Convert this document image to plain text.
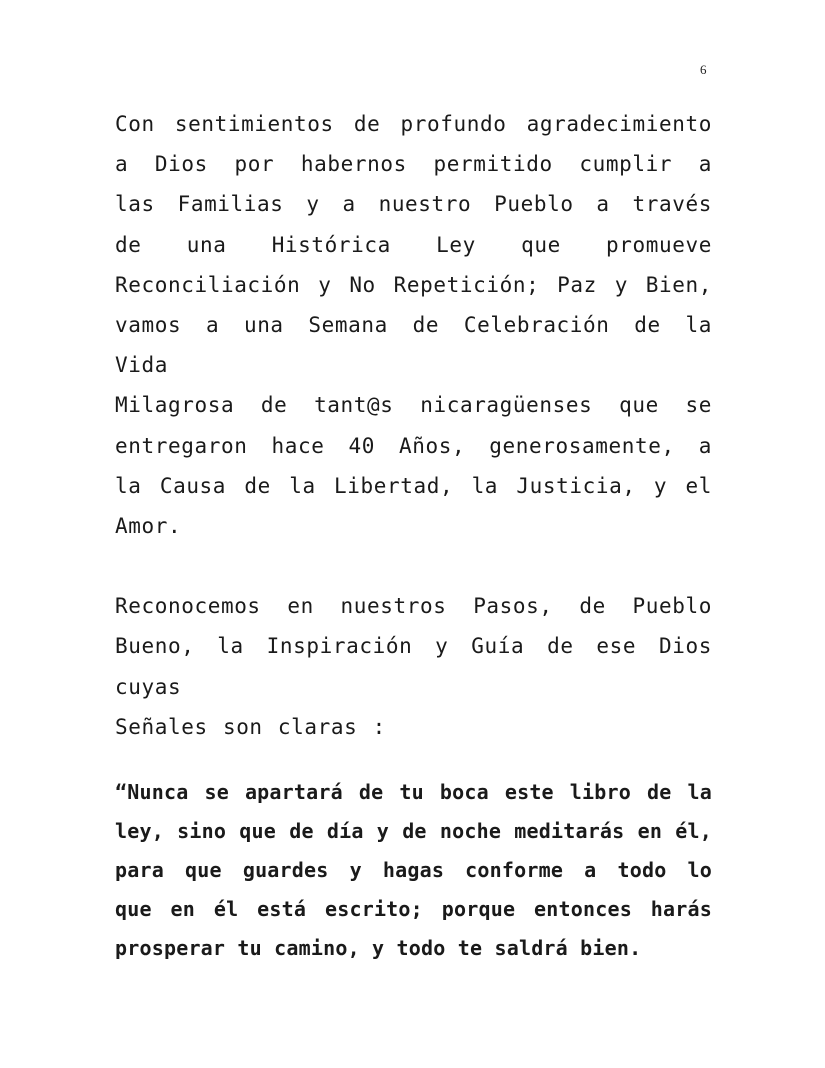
6

Con sentimientos de profundo agradecimiento
a Dios por habernos permitido cumplir a
las Familias y a nuestro Pueblo a través
de una Histórica Ley que promueve
Reconciliación y No Repetición; Paz y Bien,
vamos a una Semana de Celebración de la Vida
Milagrosa de tant@s nicaragüenses que se
entregaron hace 40 Años, generosamente, a
la Causa de la Libertad, la Justicia, y el
Amor.

Reconocemos en nuestros Pasos, de Pueblo
Bueno, la Inspiración y Guía de ese Dios cuyas
Señales son claras :

“Nunca se apartará de tu boca este libro de la
ley, sino que de día y de noche meditarás en él,
para que guardes y hagas conforme a todo lo
que en él está escrito; porque entonces harás
prosperar tu camino, y todo te saldrá bien.
